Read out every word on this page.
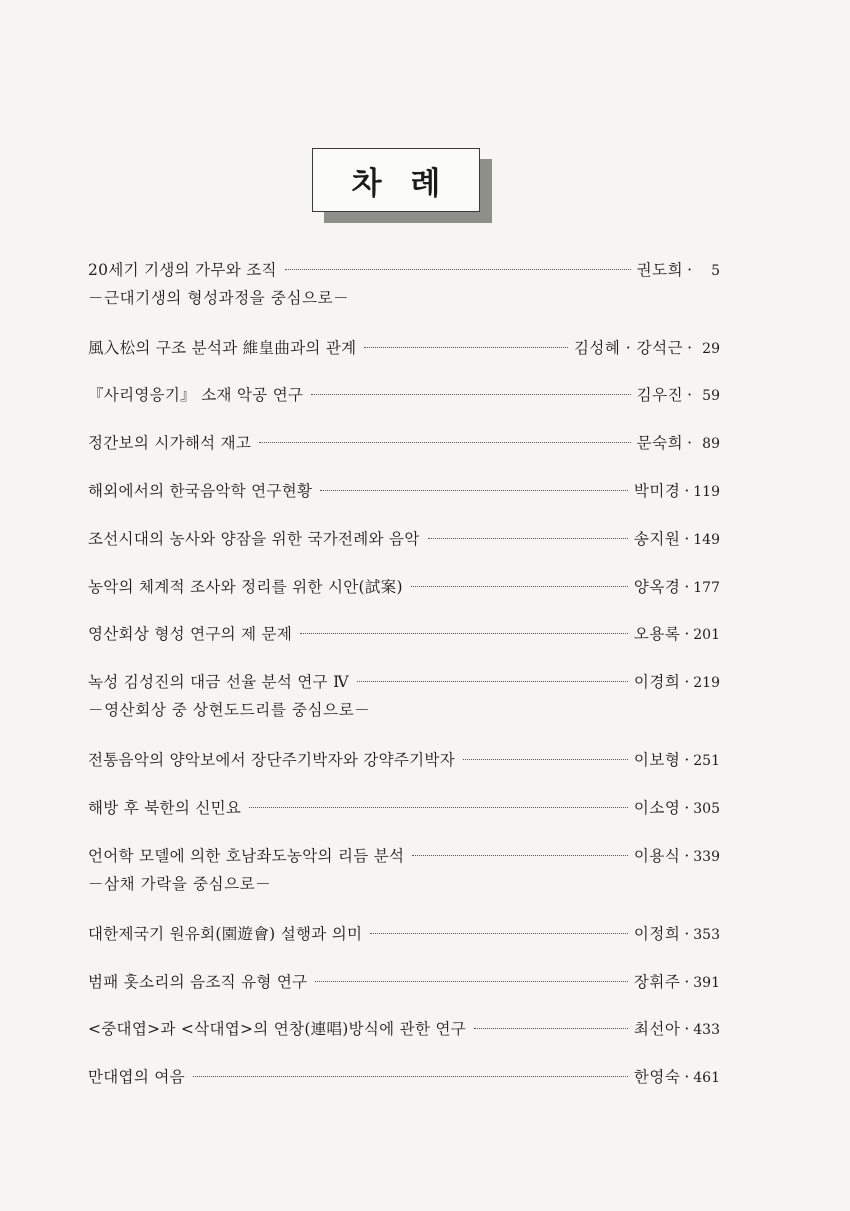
차 례
20세기 기생의 가무와 조직	권도희 ·	5
－근대기생의 형성과정을 중심으로－
風入松의 구조 분석과 維皇曲과의 관계	김성혜 · 강석근 · 29
『사리영응기』 소재 악공 연구	김우진 · 59
정간보의 시가해석 재고	문숙희 · 89
해외에서의 한국음악학 연구현황	박미경 · 119
조선시대의 농사와 양잠을 위한 국가전례와 음악	송지원 · 149
농악의 체계적 조사와 정리를 위한 시안(試案)	양옥경 · 177
영산회상 형성 연구의 제 문제	오용록 · 201
녹성 김성진의 대금 선율 분석 연구 Ⅳ	이경희 · 219
－영산회상 중 상현도드리를 중심으로－
전통음악의 양악보에서 장단주기박자와 강약주기박자	이보형 · 251
해방 후 북한의 신민요	이소영 · 305
언어학 모델에 의한 호남좌도농악의 리듬 분석	이용식 · 339
－삼채 가락을 중심으로－
대한제국기 원유회(園遊會) 설행과 의미	이정희 · 353
범패 홋소리의 음조직 유형 연구	장휘주 · 391
<중대엽>과 <삭대엽>의 연창(連唱)방식에 관한 연구	최선아 · 433
만대엽의 여음	한영숙 · 461
